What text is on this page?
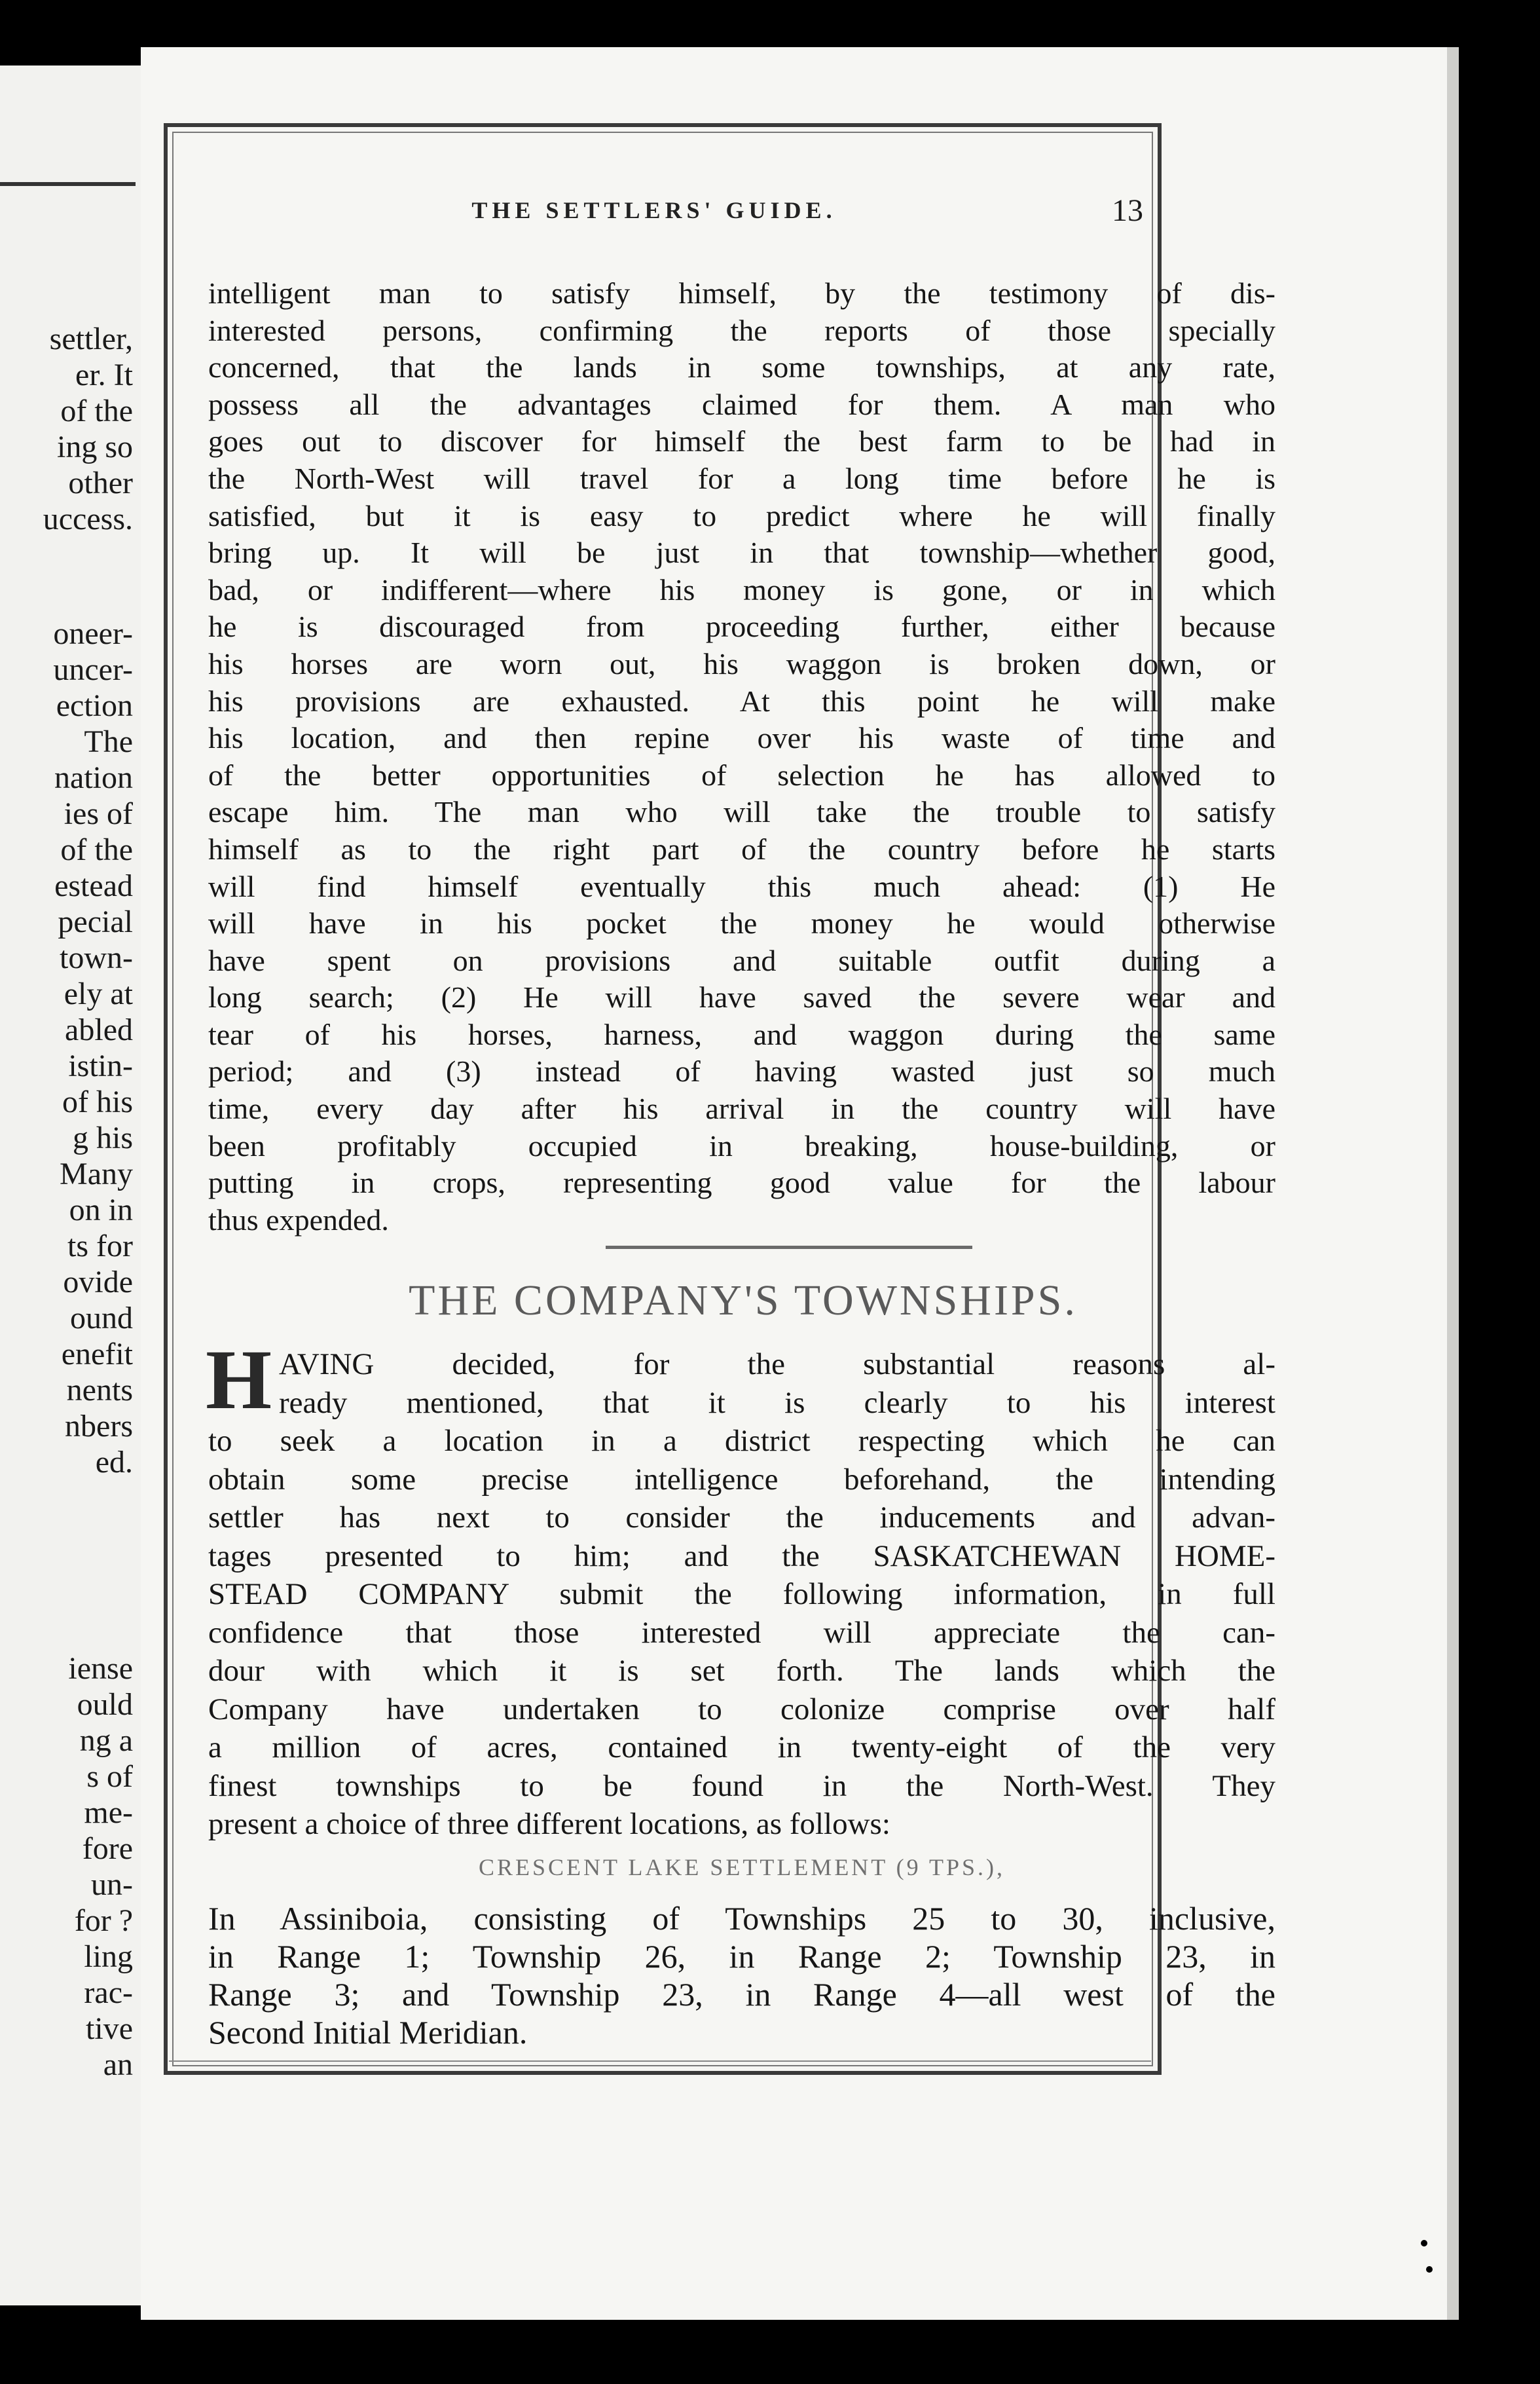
settler,
er. It
of the
ing so
other
uccess.
oneer-
uncer-
ection
The
nation
ies of
of the
estead
pecial
town-
ely at
abled
istin-
of his
g his
Many
on in
ts for
ovide
ound
enefit
nents
nbers
ed.
iense
ould
ng a
s of
me-
fore
un-
for ?
ling
rac-
tive
an
THE SETTLERS' GUIDE.	13
intelligent man to satisfy himself, by the testimony of dis-
interested persons, confirming the reports of those specially
concerned, that the lands in some townships, at any rate,
possess all the advantages claimed for them. A man who
goes out to discover for himself the best farm to be had in
the North-West will travel for a long time before he is
satisfied, but it is easy to predict where he will finally
bring up. It will be just in that township—whether good,
bad, or indifferent—where his money is gone, or in which
he is discouraged from proceeding further, either because
his horses are worn out, his waggon is broken down, or
his provisions are exhausted. At this point he will make
his location, and then repine over his waste of time and
of the better opportunities of selection he has allowed to
escape him. The man who will take the trouble to satisfy
himself as to the right part of the country before he starts
will find himself eventually this much ahead: (1) He
will have in his pocket the money he would otherwise
have spent on provisions and suitable outfit during a
long search; (2) He will have saved the severe wear and
tear of his horses, harness, and waggon during the same
period; and (3) instead of having wasted just so much
time, every day after his arrival in the country will have
been profitably occupied in breaking, house-building, or
putting in crops, representing good value for the labour
thus expended.
THE COMPANY'S TOWNSHIPS.
H AVING decided, for the substantial reasons al-
ready mentioned, that it is clearly to his interest
to seek a location in a district respecting which he can
obtain some precise intelligence beforehand, the intending
settler has next to consider the inducements and advan-
tages presented to him; and the SASKATCHEWAN HOME-
STEAD COMPANY submit the following information, in full
confidence that those interested will appreciate the can-
dour with which it is set forth. The lands which the
Company have undertaken to colonize comprise over half
a million of acres, contained in twenty-eight of the very
finest townships to be found in the North-West. They
present a choice of three different locations, as follows:
CRESCENT LAKE SETTLEMENT (9 TPS.),
In Assiniboia, consisting of Townships 25 to 30, inclusive,
in Range 1; Township 26, in Range 2; Township 23, in
Range 3; and Township 23, in Range 4—all west of the
Second Initial Meridian.
